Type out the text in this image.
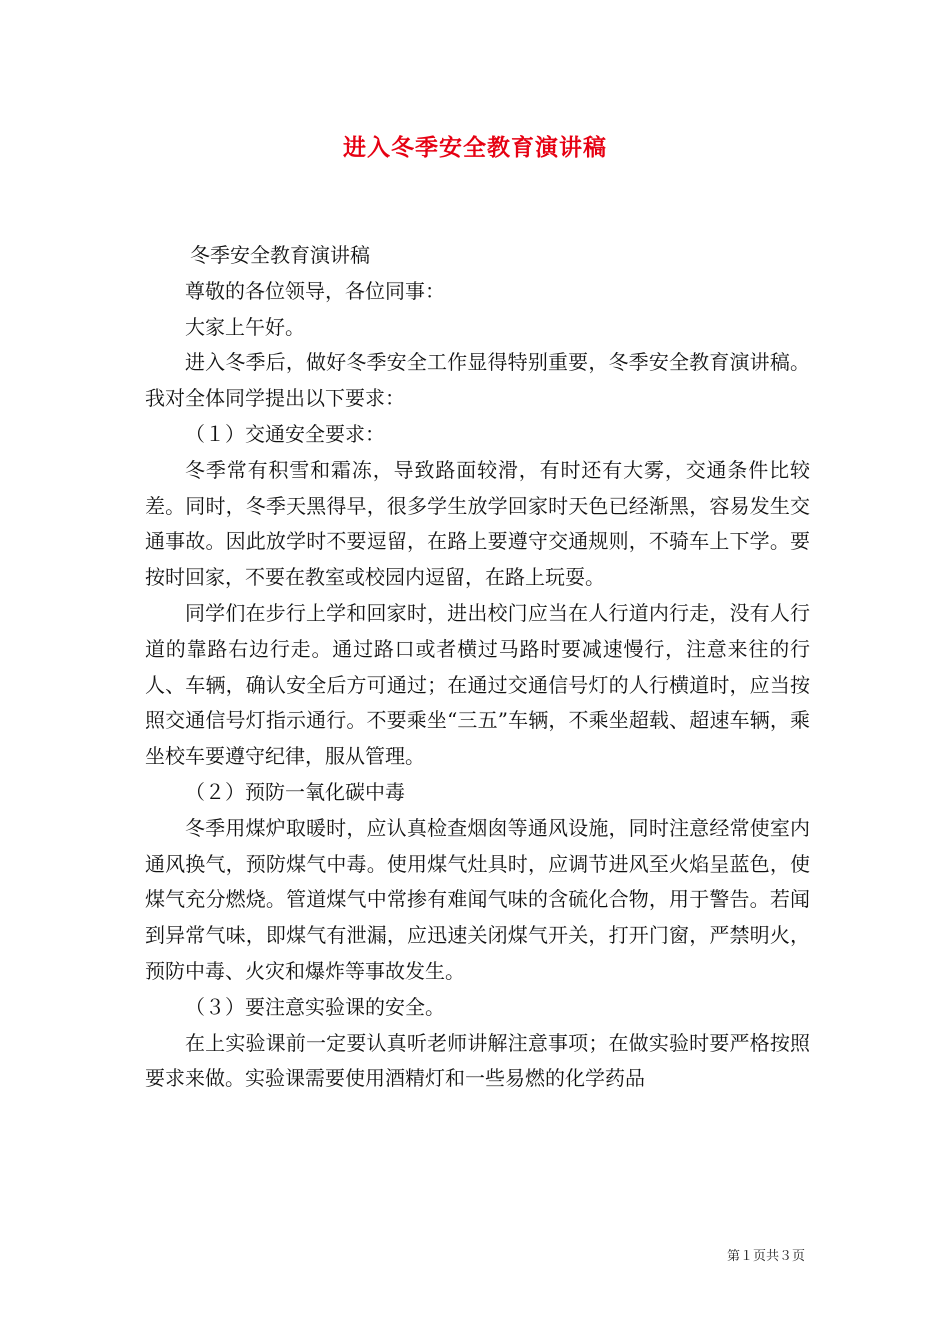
进入冬季安全教育演讲稿

冬季安全教育演讲稿

尊敬的各位领导，各位同事：

大家上午好。

进入冬季后，做好冬季安全工作显得特别重要，冬季安全教育演讲稿。我对全体同学提出以下要求：

（１）交通安全要求：

冬季常有积雪和霜冻，导致路面较滑，有时还有大雾，交通条件比较差。同时，冬季天黑得早，很多学生放学回家时天色已经渐黑，容易发生交通事故。因此放学时不要逗留，在路上要遵守交通规则，不骑车上下学。要按时回家，不要在教室或校园内逗留，在路上玩耍。

同学们在步行上学和回家时，进出校门应当在人行道内行走，没有人行道的靠路右边行走。通过路口或者横过马路时要减速慢行，注意来往的行人、车辆，确认安全后方可通过；在通过交通信号灯的人行横道时，应当按照交通信号灯指示通行。不要乘坐“三五”车辆，不乘坐超载、超速车辆，乘坐校车要遵守纪律，服从管理。

（２）预防一氧化碳中毒

冬季用煤炉取暖时，应认真检查烟囱等通风设施，同时注意经常使室内通风换气，预防煤气中毒。使用煤气灶具时，应调节进风至火焰呈蓝色，使煤气充分燃烧。管道煤气中常掺有难闻气味的含硫化合物，用于警告。若闻到异常气味，即煤气有泄漏，应迅速关闭煤气开关，打开门窗，严禁明火，预防中毒、火灾和爆炸等事故发生。

（３）要注意实验课的安全。

在上实验课前一定要认真听老师讲解注意事项；在做实验时要严格按照要求来做。实验课需要使用酒精灯和一些易燃的化学药品

第１页共３页
